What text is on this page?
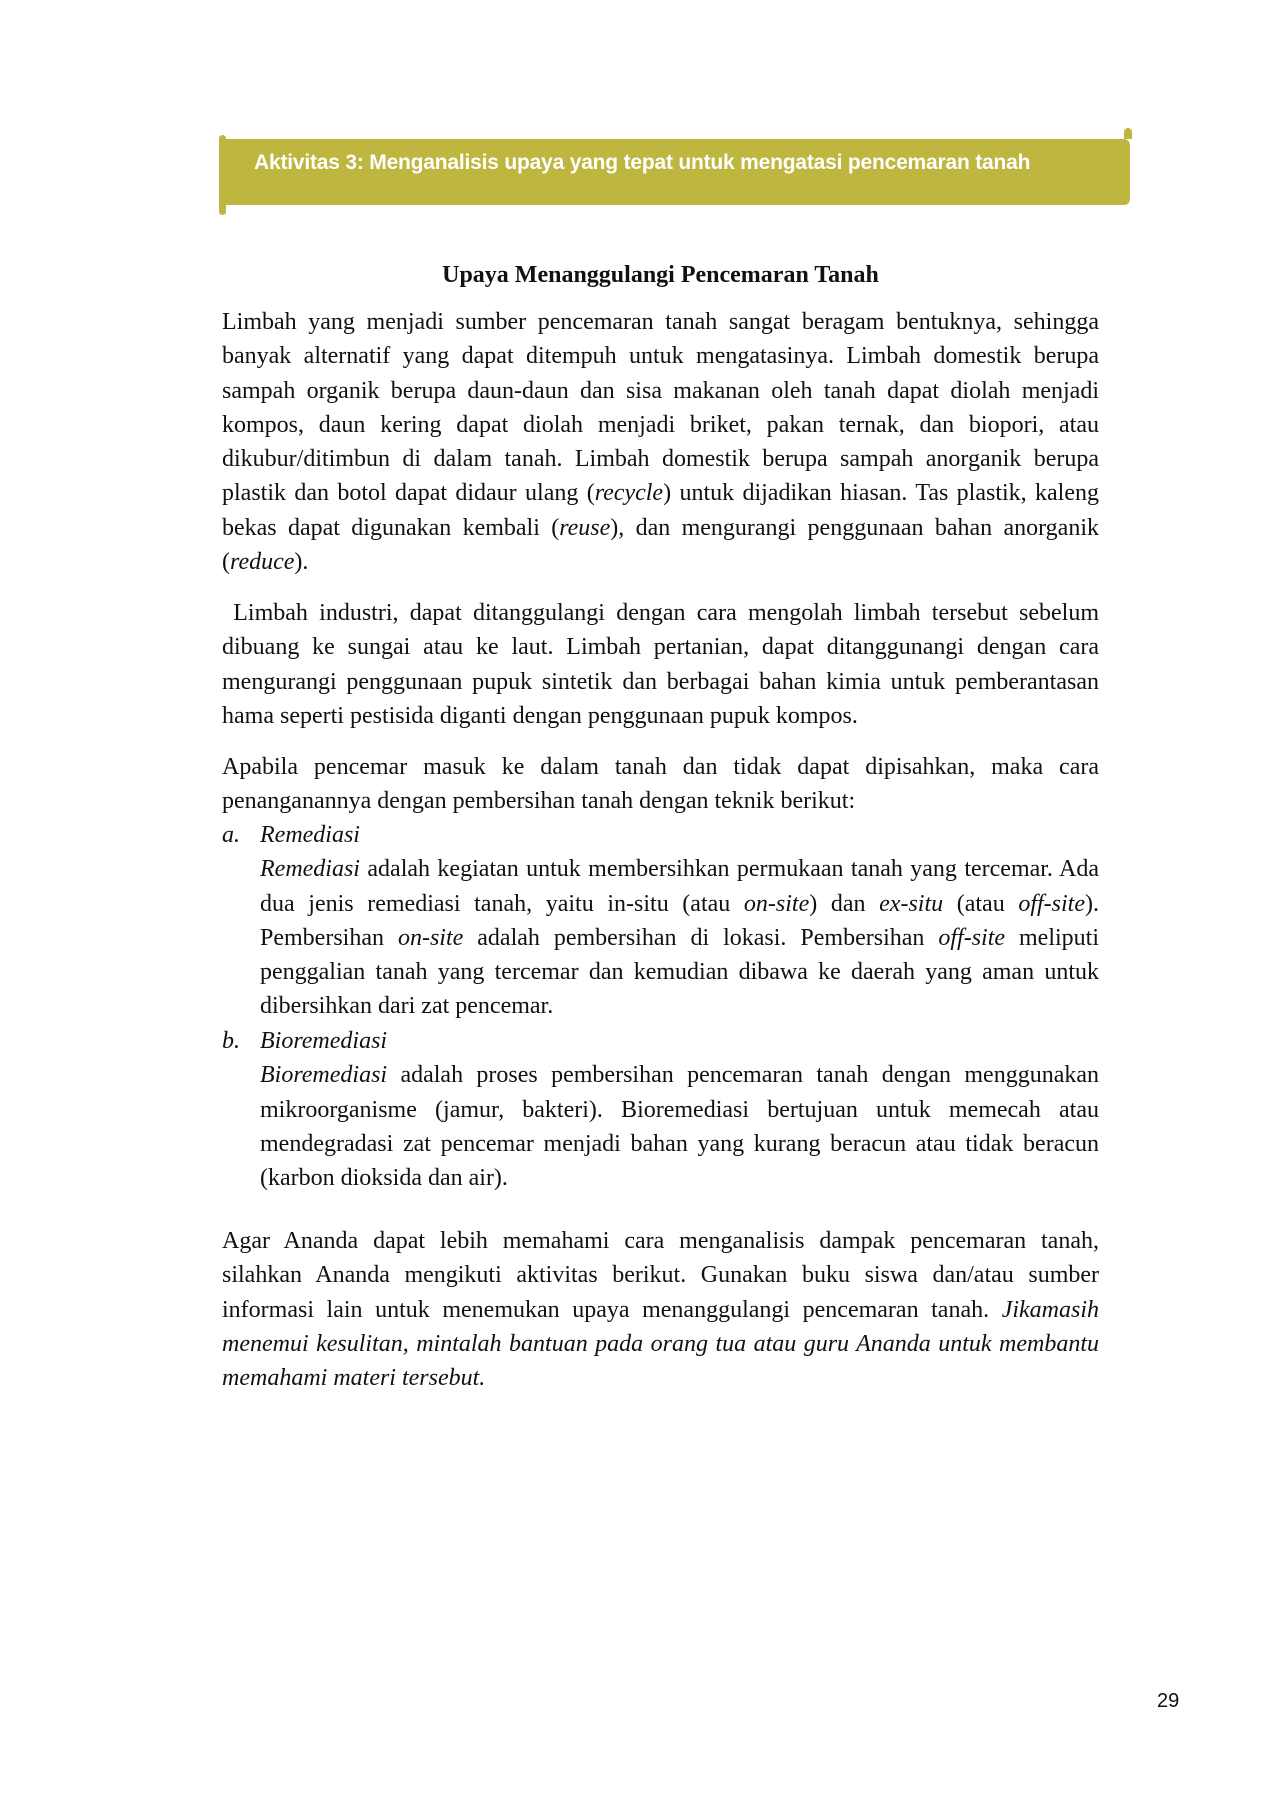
Aktivitas 3: Menganalisis upaya yang tepat untuk mengatasi pencemaran tanah
Upaya Menanggulangi Pencemaran Tanah

Limbah yang menjadi sumber pencemaran tanah sangat beragam bentuknya, sehingga banyak alternatif yang dapat ditempuh untuk mengatasinya. Limbah domestik berupa sampah organik berupa daun-daun dan sisa makanan oleh tanah dapat diolah menjadi kompos, daun kering dapat diolah menjadi briket, pakan ternak, dan biopori, atau dikubur/ditimbun di dalam tanah. Limbah domestik berupa sampah anorganik berupa plastik dan botol dapat didaur ulang (recycle) untuk dijadikan hiasan. Tas plastik, kaleng bekas dapat digunakan kembali (reuse), dan mengurangi penggunaan bahan anorganik (reduce).

Limbah industri, dapat ditanggulangi dengan cara mengolah limbah tersebut sebelum dibuang ke sungai atau ke laut. Limbah pertanian, dapat ditanggunangi dengan cara mengurangi penggunaan pupuk sintetik dan berbagai bahan kimia untuk pemberantasan hama seperti pestisida diganti dengan penggunaan pupuk kompos.

Apabila pencemar masuk ke dalam tanah dan tidak dapat dipisahkan, maka cara penanganannya dengan pembersihan tanah dengan teknik berikut:

a. Remediasi
Remediasi adalah kegiatan untuk membersihkan permukaan tanah yang tercemar. Ada dua jenis remediasi tanah, yaitu in-situ (atau on-site) dan ex-situ (atau off-site). Pembersihan on-site adalah pembersihan di lokasi. Pembersihan off-site meliputi penggalian tanah yang tercemar dan kemudian dibawa ke daerah yang aman untuk dibersihkan dari zat pencemar.
b. Bioremediasi
Bioremediasi adalah proses pembersihan pencemaran tanah dengan menggunakan mikroorganisme (jamur, bakteri). Bioremediasi bertujuan untuk memecah atau mendegradasi zat pencemar menjadi bahan yang kurang beracun atau tidak beracun (karbon dioksida dan air).

Agar Ananda dapat lebih memahami cara menganalisis dampak pencemaran tanah, silahkan Ananda mengikuti aktivitas berikut. Gunakan buku siswa dan/atau sumber informasi lain untuk menemukan upaya menanggulangi pencemaran tanah. Jikamasih menemui kesulitan, mintalah bantuan pada orang tua atau guru Ananda untuk membantu memahami materi tersebut.

29
